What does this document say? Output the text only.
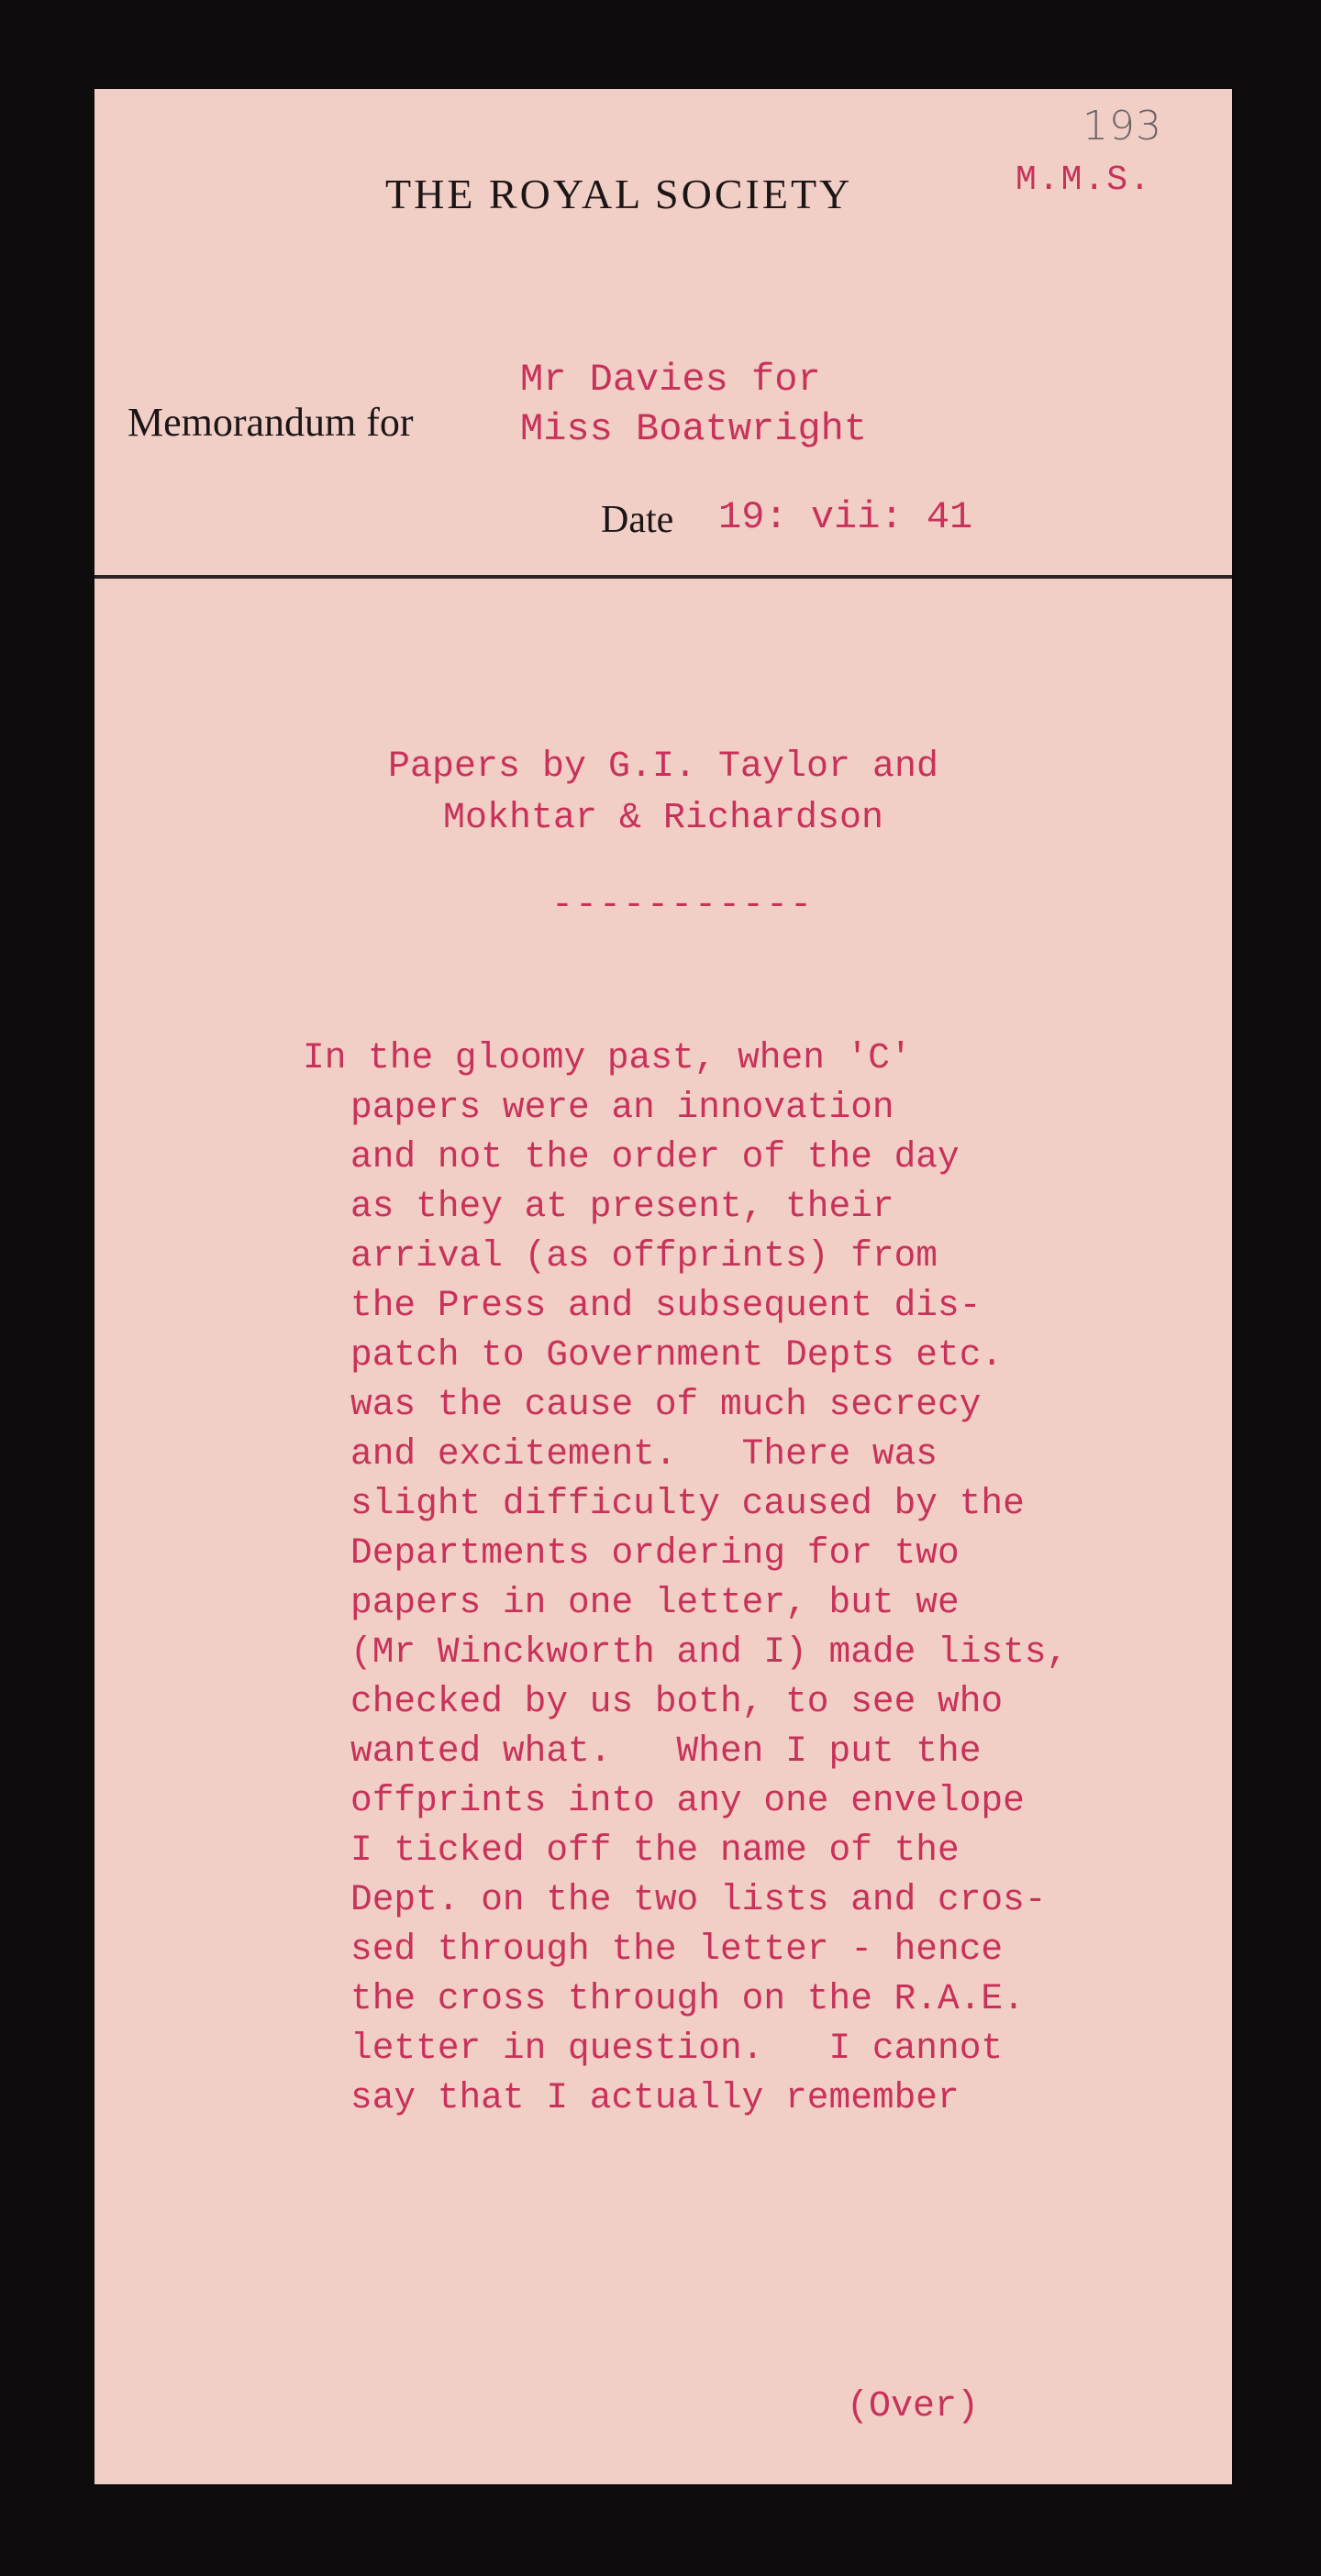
193
THE ROYAL SOCIETY	M.M.S.
Memorandum for
Mr Davies for
Miss Boatwright
Date 19: vii: 41
Papers by G.I. Taylor and
Mokhtar & Richardson
-----------
In the gloomy past, when 'C'
papers were an innovation
and not the order of the day
as they at present, their
arrival (as offprints) from
the Press and subsequent dis-
patch to Government Depts etc.
was the cause of much secrecy
and excitement.   There was
slight difficulty caused by the
Departments ordering for two
papers in one letter, but we
(Mr Winckworth and I) made lists,
checked by us both, to see who
wanted what.   When I put the
offprints into any one envelope
I ticked off the name of the
Dept. on the two lists and cros-
sed through the letter - hence
the cross through on the R.A.E.
letter in question.   I cannot
say that I actually remember
(Over)
